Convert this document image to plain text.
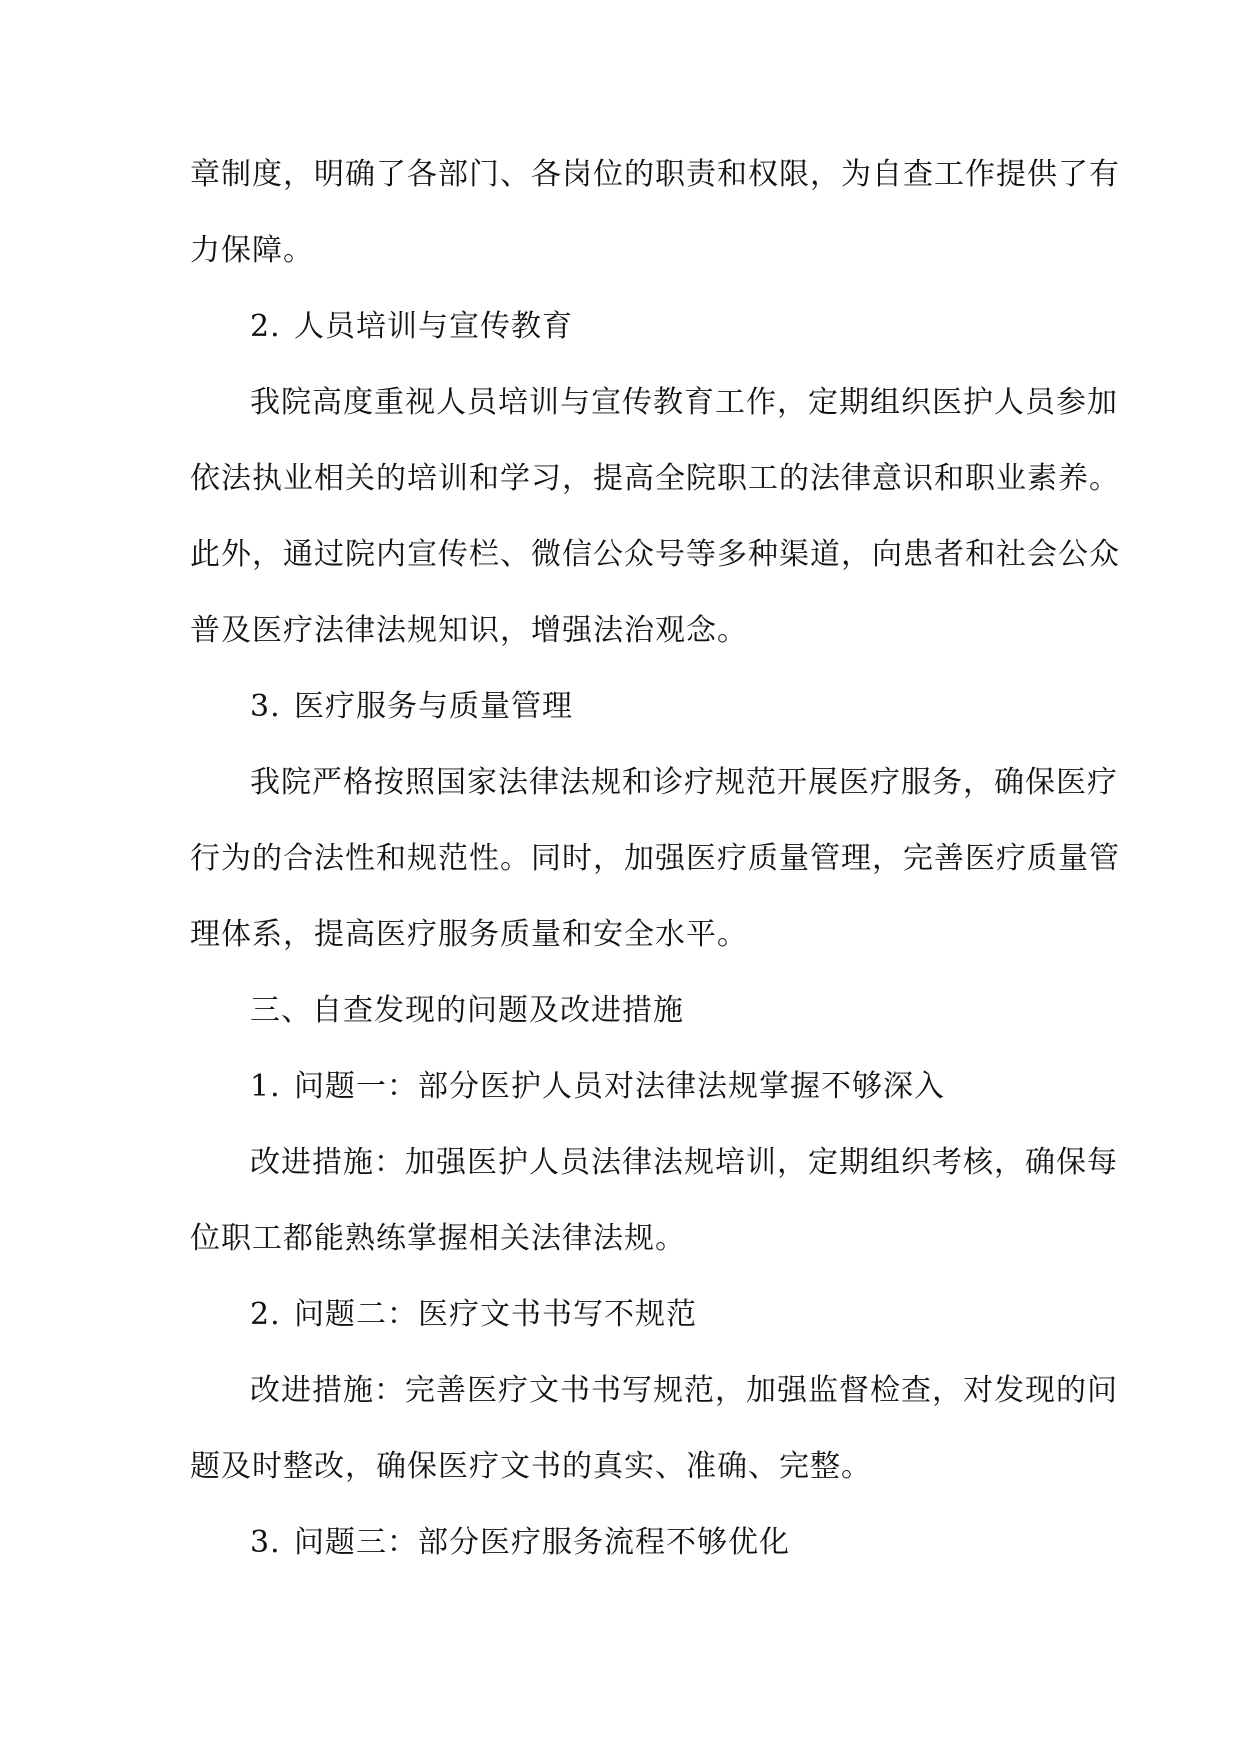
章制度，明确了各部门、各岗位的职责和权限，为自查工作提供了有
力保障。
2. 人员培训与宣传教育
我院高度重视人员培训与宣传教育工作，定期组织医护人员参加
依法执业相关的培训和学习，提高全院职工的法律意识和职业素养。
此外，通过院内宣传栏、微信公众号等多种渠道，向患者和社会公众
普及医疗法律法规知识，增强法治观念。
3. 医疗服务与质量管理
我院严格按照国家法律法规和诊疗规范开展医疗服务，确保医疗
行为的合法性和规范性。同时，加强医疗质量管理，完善医疗质量管
理体系，提高医疗服务质量和安全水平。
三、自查发现的问题及改进措施
1. 问题一：部分医护人员对法律法规掌握不够深入
改进措施：加强医护人员法律法规培训，定期组织考核，确保每
位职工都能熟练掌握相关法律法规。
2. 问题二：医疗文书书写不规范
改进措施：完善医疗文书书写规范，加强监督检查，对发现的问
题及时整改，确保医疗文书的真实、准确、完整。
3. 问题三：部分医疗服务流程不够优化
